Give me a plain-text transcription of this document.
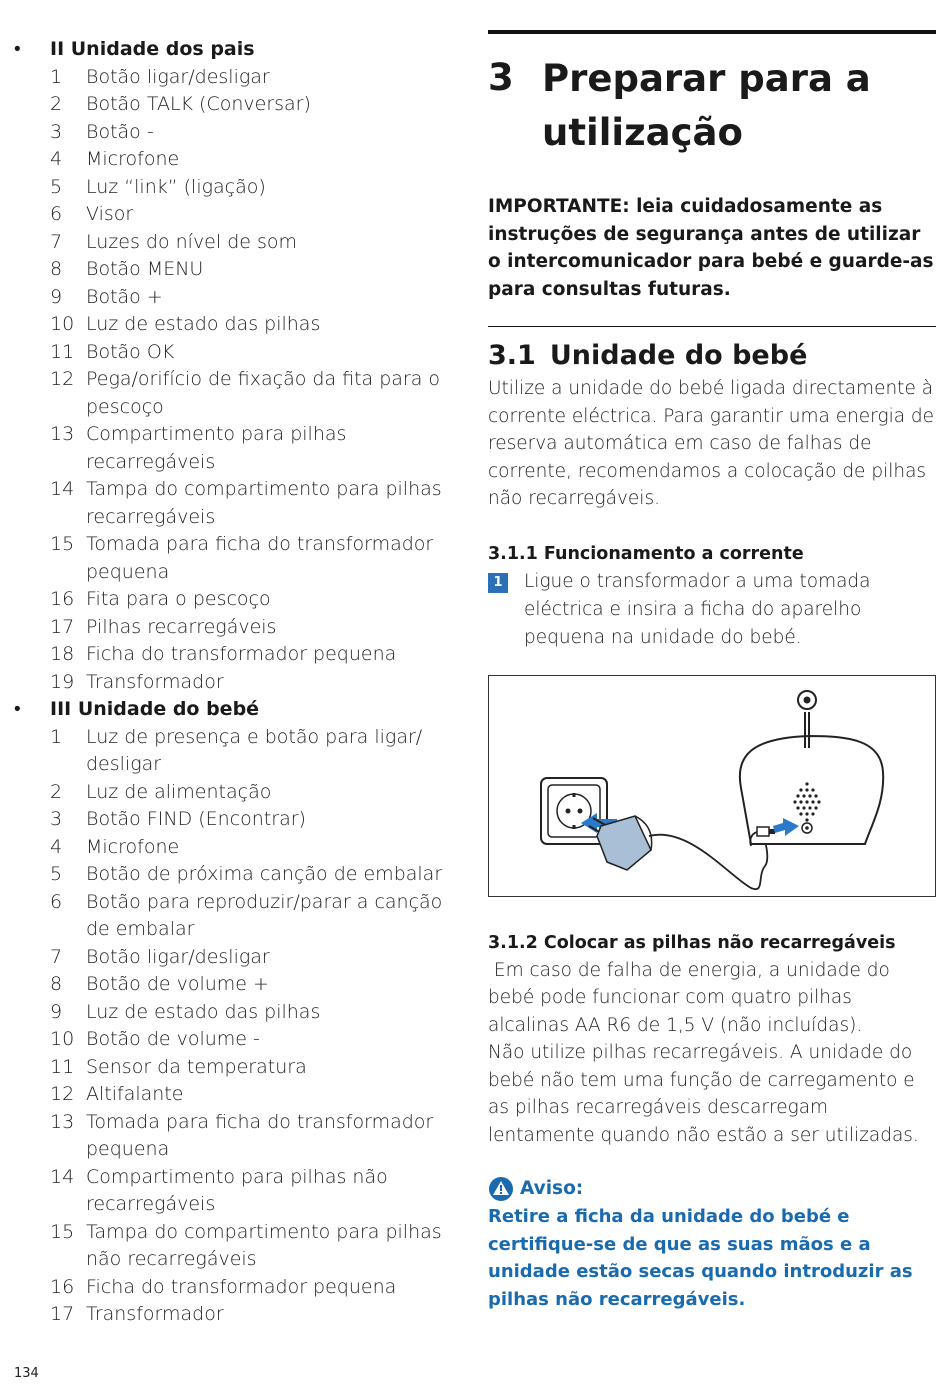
• II Unidade dos pais
1 Botão ligar/desligar
2 Botão TALK (Conversar)
3 Botão -
4 Microfone
5 Luz “link” (ligação)
6 Visor
7 Luzes do nível de som
8 Botão MENU
9 Botão +
10 Luz de estado das pilhas
11 Botão OK
12 Pega/orifício de fixação da fita para o pescoço
13 Compartimento para pilhas recarregáveis
14 Tampa do compartimento para pilhas recarregáveis
15 Tomada para ficha do transformador pequena
16 Fita para o pescoço
17 Pilhas recarregáveis
18 Ficha do transformador pequena
19 Transformador
• III Unidade do bebé
1 Luz de presença e botão para ligar/ desligar
2 Luz de alimentação
3 Botão FIND (Encontrar)
4 Microfone
5 Botão de próxima canção de embalar
6 Botão para reproduzir/parar a canção de embalar
7 Botão ligar/desligar
8 Botão de volume +
9 Luz de estado das pilhas
10 Botão de volume -
11 Sensor da temperatura
12 Altifalante
13 Tomada para ficha do transformador pequena
14 Compartimento para pilhas não recarregáveis
15 Tampa do compartimento para pilhas não recarregáveis
16 Ficha do transformador pequena
17 Transformador
134
3 Preparar para a utilização
IMPORTANTE: leia cuidadosamente as instruções de segurança antes de utilizar o intercomunicador para bebé e guarde-as para consultas futuras.
3.1 Unidade do bebé
Utilize a unidade do bebé ligada directamente à corrente eléctrica. Para garantir uma energia de reserva automática em caso de falhas de corrente, recomendamos a colocação de pilhas não recarregáveis.
3.1.1 Funcionamento a corrente
1 Ligue o transformador a uma tomada eléctrica e insira a ficha do aparelho pequena na unidade do bebé.
3.1.2 Colocar as pilhas não recarregáveis
Em caso de falha de energia, a unidade do bebé pode funcionar com quatro pilhas alcalinas AA R6 de 1,5 V (não incluídas).
Não utilize pilhas recarregáveis. A unidade do bebé não tem uma função de carregamento e as pilhas recarregáveis descarregam lentamente quando não estão a ser utilizadas.
Aviso:
Retire a ficha da unidade do bebé e certifique-se de que as suas mãos e a unidade estão secas quando introduzir as pilhas não recarregáveis.
